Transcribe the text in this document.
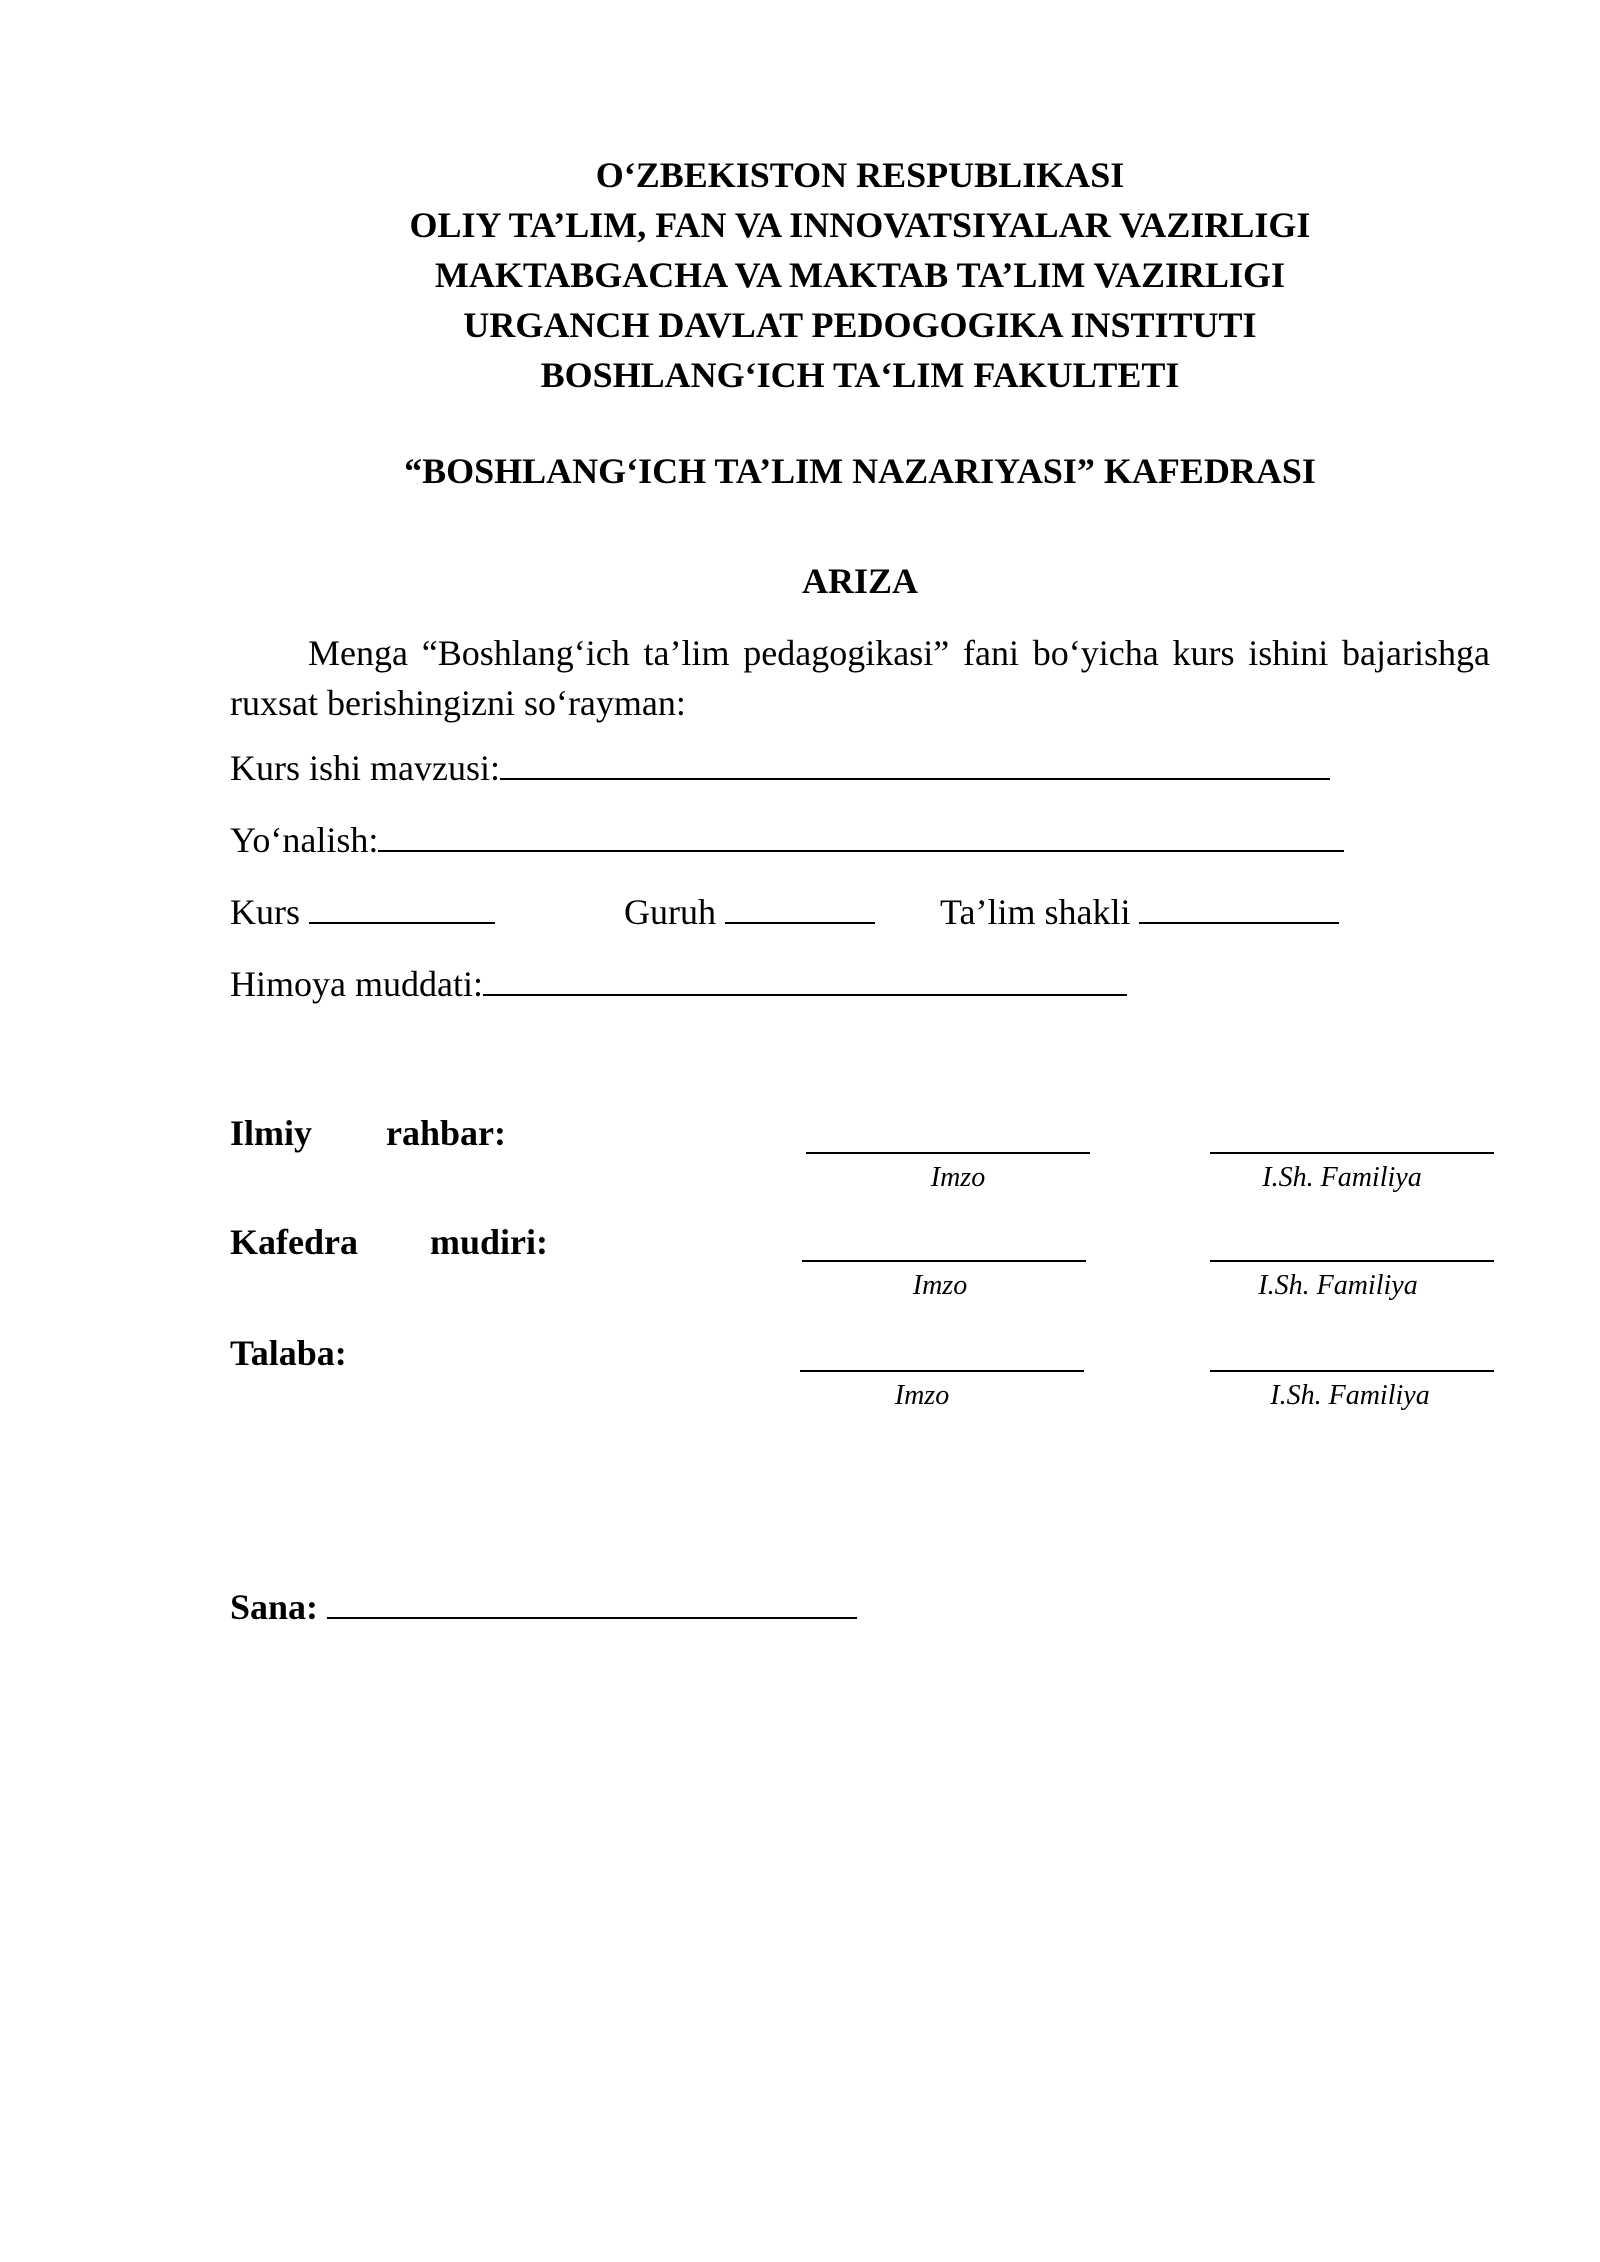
O‘ZBEKISTON RESPUBLIKASI
OLIY TA’LIM, FAN VA INNOVATSIYALAR VAZIRLIGI
MAKTABGACHA VA MAKTAB TA’LIM VAZIRLIGI
URGANCH DAVLAT PEDOGOGIKA INSTITUTI
BOSHLANG‘ICH TA‘LIM FAKULTETI
“BOSHLANG‘ICH TA’LIM NAZARIYASI” KAFEDRASI
ARIZA
Menga “Boshlang‘ich ta’lim pedagogikasi” fani bo‘yicha kurs ishini bajarishga ruxsat berishingizni so‘rayman:
Kurs ishi mavzusi:
Yo‘nalish:
Kurs	Guruh	Ta’lim shakli
Himoya muddati:
Ilmiy rahbar:
Imzo	I.Sh. Familiya
Kafedra mudiri:
Imzo	I.Sh. Familiya
Talaba:
Imzo	I.Sh. Familiya
Sana:
